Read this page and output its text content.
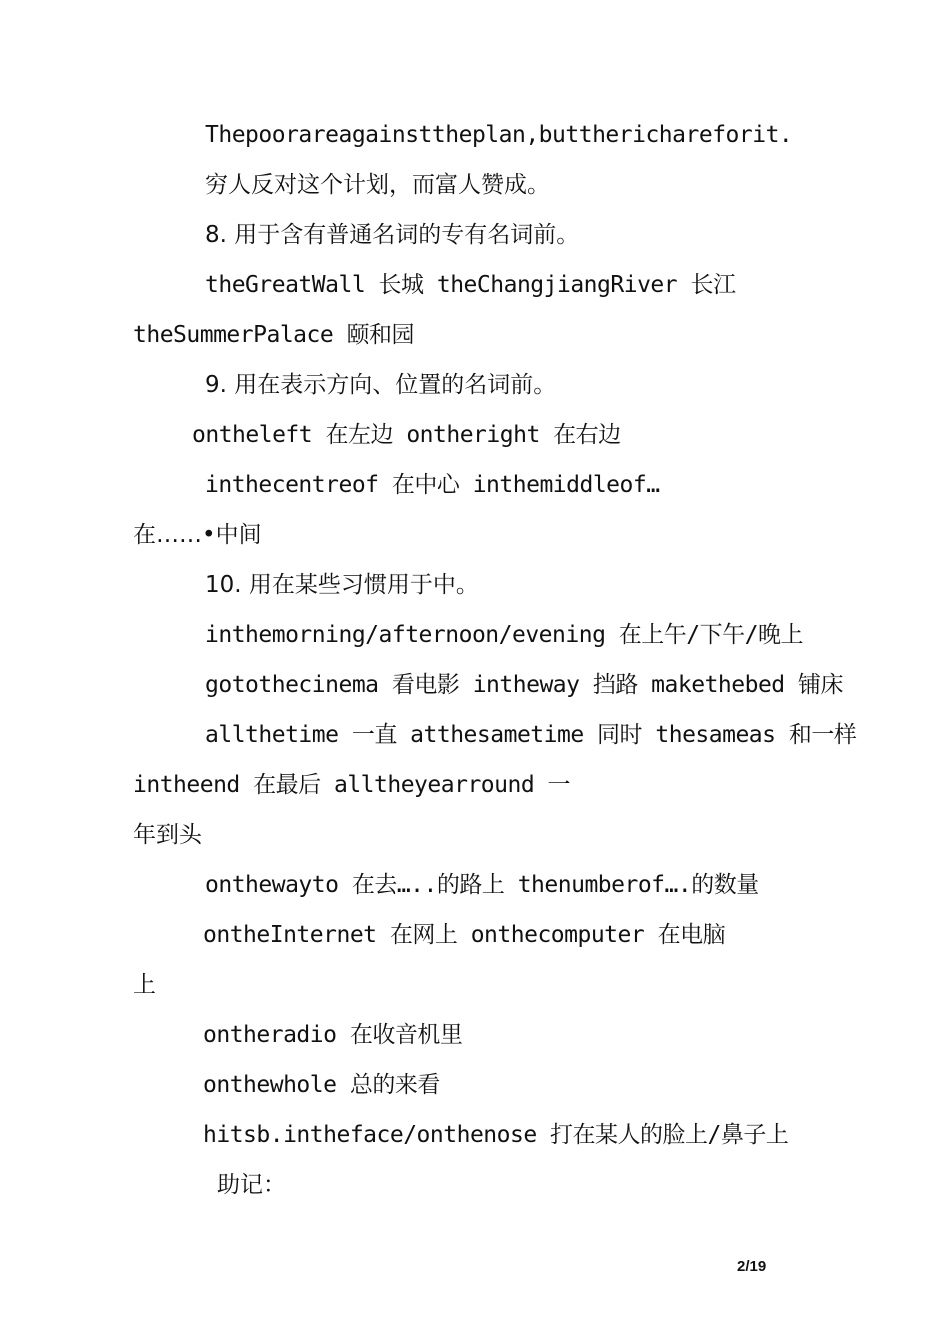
Thepoorareagainsttheplan,buttherichareforit.
穷人反对这个计划，而富人赞成。
8. 用于含有普通名词的专有名词前。
theGreatWall 长城 theChangjiangRiver 长江
theSummerPalace 颐和园
9. 用在表示方向、位置的名词前。
ontheleft 在左边 ontheright 在右边
inthecentreof 在中心 inthemiddleof…
在……•中间
10. 用在某些习惯用于中。
inthemorning/afternoon/evening 在上午/下午/晚上
gotothecinema 看电影 intheway 挡路 makethebed 铺床
allthetime 一直 atthesametime 同时 thesameas 和一样
intheend 在最后 alltheyearround 一
年到头
onthewayto 在去…..的路上 thenumberof….的数量
ontheInternet 在网上 onthecomputer 在电脑
上
ontheradio 在收音机里
onthewhole 总的来看
hitsb.intheface/onthenose 打在某人的脸上/鼻子上
助记：
2/19
